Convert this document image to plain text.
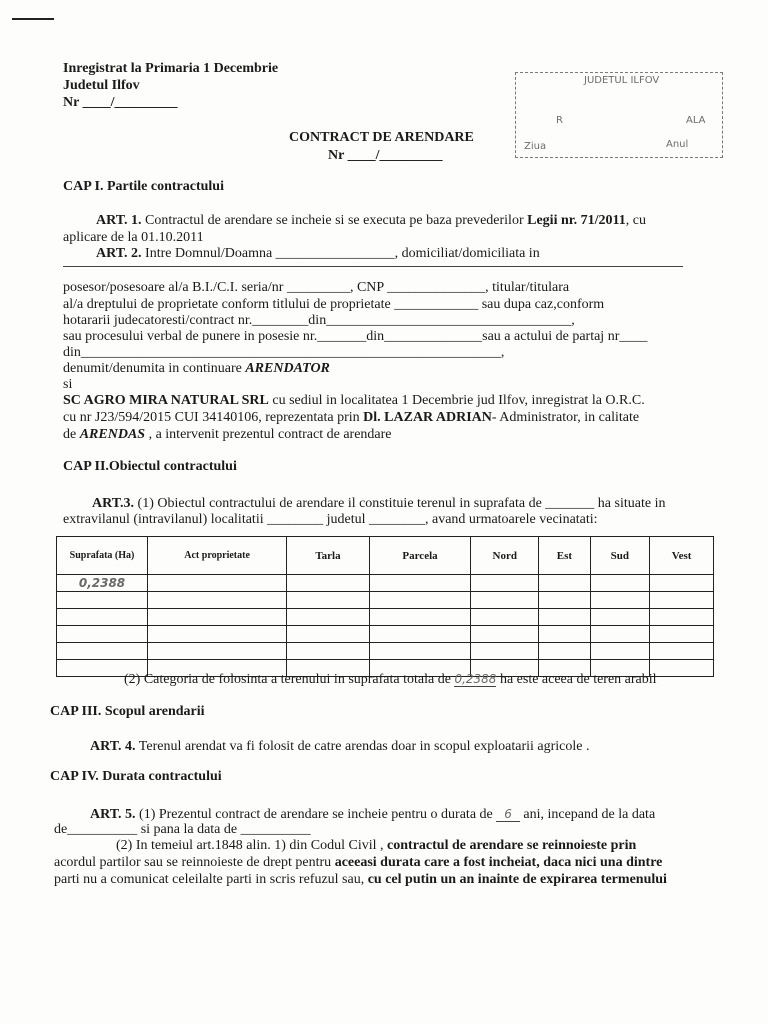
Inregistrat la Primaria 1 Decembrie
Judetul Ilfov
Nr ____/_________
JUDETUL ILFOV
R	ALA
Ziua	Anul
CONTRACT DE ARENDARE
Nr ____/_________
CAP I. Partile contractului
ART. 1. Contractul de arendare se incheie si se executa pe baza prevederilor Legii nr. 71/2011, cu
aplicare de la 01.10.2011
ART. 2. Intre Domnul/Doamna _________________, domiciliat/domiciliata in
posesor/posesoare al/a B.I./C.I. seria/nr _________, CNP ______________, titular/titulara
al/a dreptului de proprietate conform titlului de proprietate ____________ sau dupa caz,conform
hotararii judecatoresti/contract nr.________din___________________________________,
sau procesului verbal de punere in posesie nr._______din______________sau a actului de partaj nr____
din____________________________________________________________,
denumit/denumita in continuare ARENDATOR
si
SC AGRO MIRA NATURAL SRL cu sediul in localitatea 1 Decembrie jud Ilfov, inregistrat la O.R.C.
cu nr J23/594/2015 CUI 34140106, reprezentata prin Dl. LAZAR ADRIAN- Administrator, in calitate
de ARENDAS , a intervenit prezentul contract de arendare
CAP II.Obiectul contractului
ART.3. (1) Obiectul contractului de arendare il constituie terenul in suprafata de _______ ha situate in
extravilanul (intravilanul) localitatii ________ judetul ________, avand urmatoarele vecinatati:
Suprafata (Ha)	Act proprietate	Tarla	Parcela	Nord	Est	Sud	Vest
0,2388							

(2) Categoria de folosinta a terenului in suprafata totala de 0,2388 ha este aceea de teren arabil
CAP III. Scopul arendarii
ART. 4. Terenul arendat va fi folosit de catre arendas doar in scopul exploatarii agricole .
CAP IV. Durata contractului
ART. 5. (1) Prezentul contract de arendare se incheie pentru o durata de 6 ani, incepand de la data
de__________ si pana la data de __________
(2) In temeiul art.1848 alin. 1) din Codul Civil , contractul de arendare se reinnoieste prin
acordul partilor sau se reinnoieste de drept pentru aceeasi durata care a fost incheiat, daca nici una dintre
parti nu a comunicat celeilalte parti in scris refuzul sau, cu cel putin un an inainte de expirarea termenului
